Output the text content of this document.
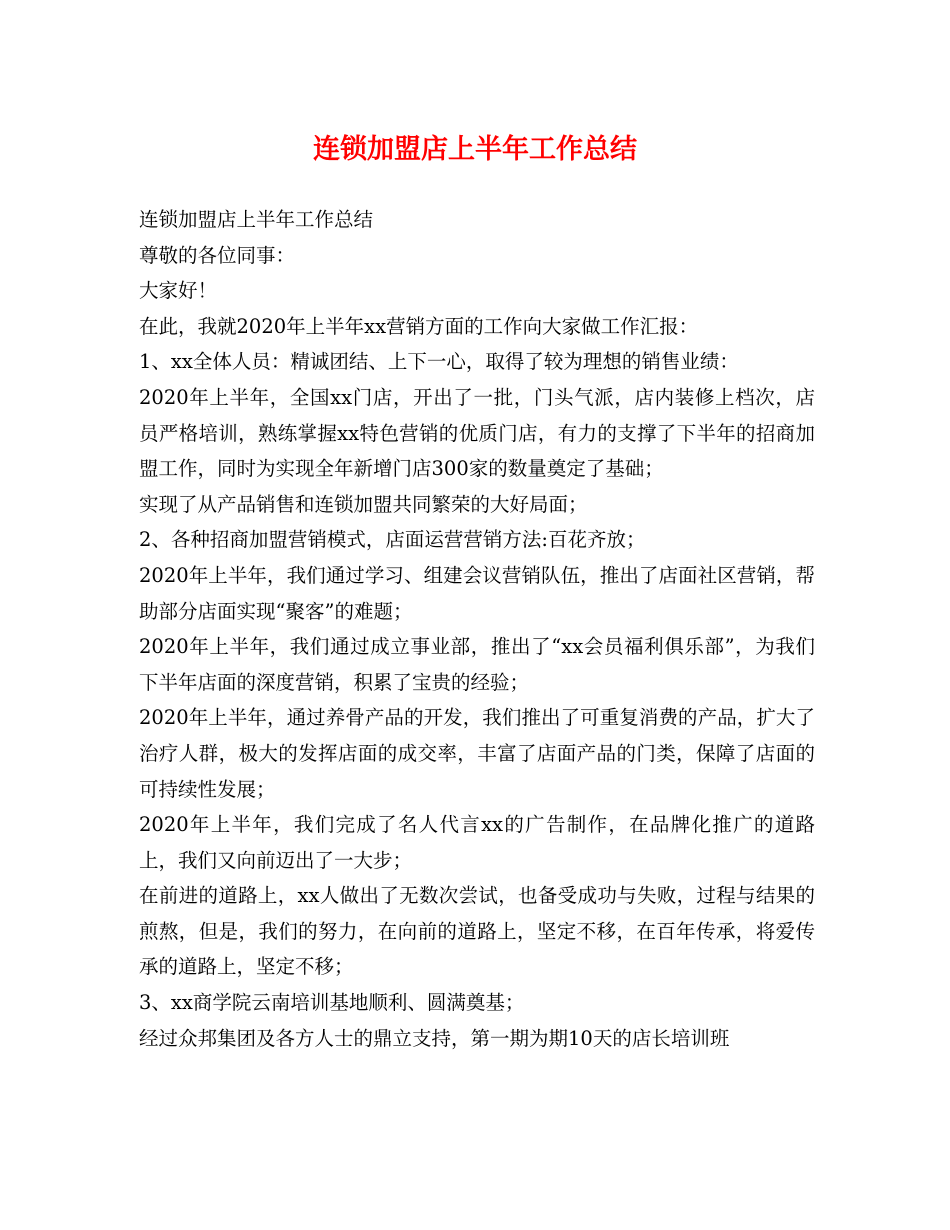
连锁加盟店上半年工作总结

连锁加盟店上半年工作总结

尊敬的各位同事：

大家好！

在此，我就2020年上半年xx营销方面的工作向大家做工作汇报：

1、xx全体人员：精诚团结、上下一心，取得了较为理想的销售业绩：

2020年上半年，全国xx门店，开出了一批，门头气派，店内装修上档次，店员严格培训，熟练掌握xx特色营销的优质门店，有力的支撑了下半年的招商加盟工作，同时为实现全年新增门店300家的数量奠定了基础；

实现了从产品销售和连锁加盟共同繁荣的大好局面；

2、各种招商加盟营销模式，店面运营营销方法:百花齐放；

2020年上半年，我们通过学习、组建会议营销队伍，推出了店面社区营销，帮助部分店面实现“聚客”的难题；

2020年上半年，我们通过成立事业部，推出了“xx会员福利俱乐部”，为我们下半年店面的深度营销，积累了宝贵的经验；

2020年上半年，通过养骨产品的开发，我们推出了可重复消费的产品，扩大了治疗人群，极大的发挥店面的成交率，丰富了店面产品的门类，保障了店面的可持续性发展；

2020年上半年，我们完成了名人代言xx的广告制作，在品牌化推广的道路上，我们又向前迈出了一大步；

在前进的道路上，xx人做出了无数次尝试，也备受成功与失败，过程与结果的煎熬，但是，我们的努力，在向前的道路上，坚定不移，在百年传承，将爱传承的道路上，坚定不移；

3、xx商学院云南培训基地顺利、圆满奠基；

经过众邦集团及各方人士的鼎立支持，第一期为期10天的店长培训班
